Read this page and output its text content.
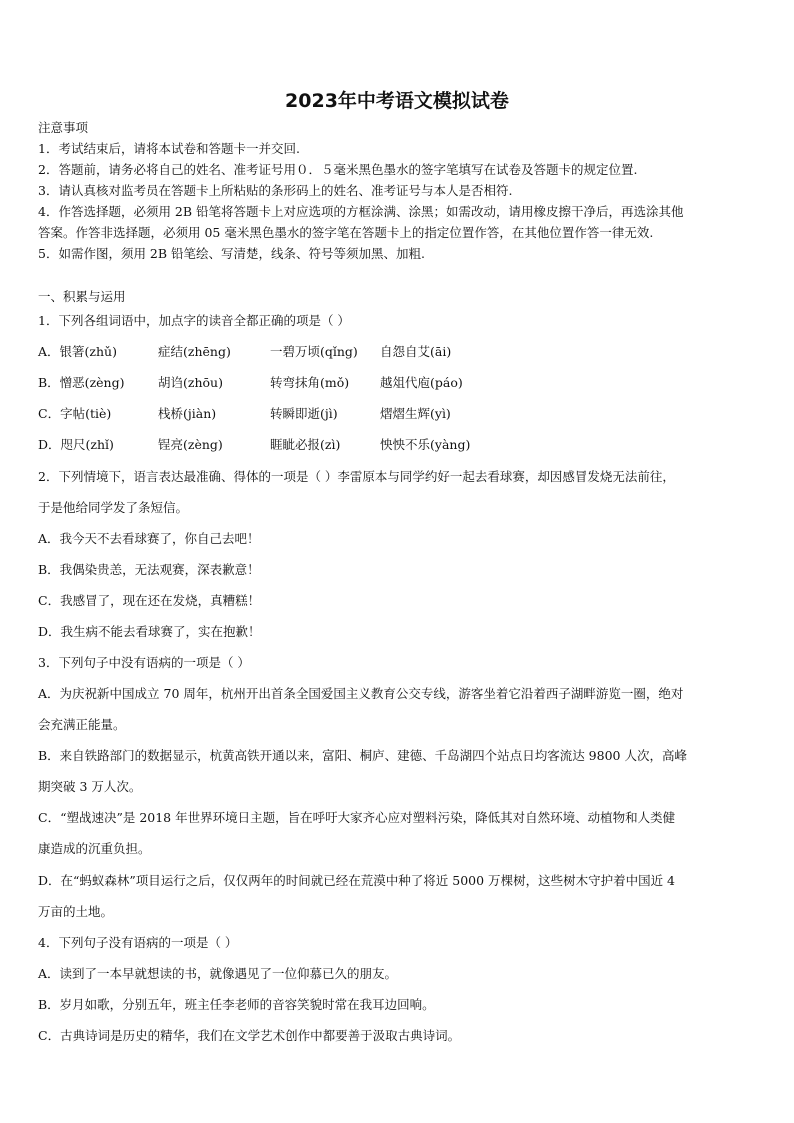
2023年中考语文模拟试卷
注意事项
1．考试结束后，请将本试卷和答题卡一并交回.
2．答题前，请务必将自己的姓名、准考证号用０．５毫米黑色墨水的签字笔填写在试卷及答题卡的规定位置.
3．请认真核对监考员在答题卡上所粘贴的条形码上的姓名、准考证号与本人是否相符.
4．作答选择题，必须用 2B 铅笔将答题卡上对应选项的方框涂满、涂黑；如需改动，请用橡皮擦干净后，再选涂其他
答案。作答非选择题，必须用 05 毫米黑色墨水的签字笔在答题卡上的指定位置作答，在其他位置作答一律无效.
5．如需作图，须用 2B 铅笔绘、写清楚，线条、符号等须加黑、加粗.
一、积累与运用
1．下列各组词语中，加点字的读音全都正确的项是（ ）
A．银箸(zhǔ)	症结(zhēng)	一碧万顷(qǐng) 自怨自艾(āi)
B．憎恶(zèng)	胡诌(zhōu)	转弯抹角(mǒ) 越俎代庖(páo)
C．字帖(tiè)	栈桥(jiàn)	转瞬即逝(jì)	熠熠生辉(yì)
D．咫尺(zhǐ)	锃亮(zèng)	睚眦必报(zì)	怏怏不乐(yàng)
2．下列情境下，语言表达最准确、得体的一项是（ ）李雷原本与同学约好一起去看球赛，却因感冒发烧无法前往，
于是他给同学发了条短信。
A．我今天不去看球赛了，你自己去吧！
B．我偶染贵恙，无法观赛，深表歉意！
C．我感冒了，现在还在发烧，真糟糕！
D．我生病不能去看球赛了，实在抱歉！
3．下列句子中没有语病的一项是（ ）
A．为庆祝新中国成立 70 周年，杭州开出首条全国爱国主义教育公交专线，游客坐着它沿着西子湖畔游览一圈，绝对
会充满正能量。
B．来自铁路部门的数据显示，杭黄高铁开通以来，富阳、桐庐、建德、千岛湖四个站点日均客流达 9800 人次，高峰
期突破 3 万人次。
C．“塑战速决”是 2018 年世界环境日主题，旨在呼吁大家齐心应对塑料污染，降低其对自然环境、动植物和人类健
康造成的沉重负担。
D．在“蚂蚁森林”项目运行之后，仅仅两年的时间就已经在荒漠中种了将近 5000 万棵树，这些树木守护着中国近 4
万亩的土地。
4．下列句子没有语病的一项是（ ）
A．读到了一本早就想读的书，就像遇见了一位仰慕已久的朋友。
B．岁月如歌，分别五年，班主任李老师的音容笑貌时常在我耳边回响。
C．古典诗词是历史的精华，我们在文学艺术创作中都要善于汲取古典诗词。
